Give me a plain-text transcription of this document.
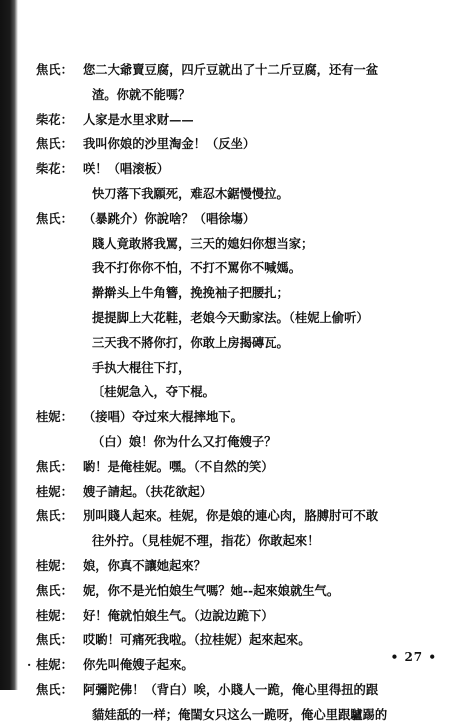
焦氏： 您二大爺賣豆腐，四斤豆就出了十二斤豆腐，还有一盆
渣。你就不能嗎？
柴花： 人家是水里求财——
焦氏： 我叫你娘的沙里淘金！（反坐）
柴花： 咲！（唱滚板）
快刀落下我願死，难忍木鋸慢慢拉。
焦氏： （暴跳介）你說啥？（唱徐塲）
賤人竟敢將我罵，三天的媳妇你想当家；
我不打你你不怕，不打不罵你不喊媽。
擀擀头上牛角簪，挽挽袖子把腰扎；
提提脚上大花鞋，老娘今天動家法。（桂妮上偷听）
三天我不將你打，你敢上房揭磚瓦。
手执大棍往下打，
〔桂妮急入，夺下棍。
桂妮： （接唱）夺过來大棍摔地下。
（白）娘！你为什么又打俺嫂子？
焦氏： 喲！是俺桂妮。嘿。（不自然的笑）
桂妮： 嫂子請起。（扶花欲起）
焦氏： 別叫賤人起來。桂妮，你是娘的連心肉，胳膊肘可不敢
往外拧。（見桂妮不理，指花）你敢起來！
桂妮： 娘，你真不讓她起來？
焦氏： 妮，你不是光怕娘生气嗎？她--起來娘就生气。
桂妮： 好！俺就怕娘生气。（边說边跪下）
焦氏： 哎喲！可痛死我啦。（拉桂妮）起來起來。
· 桂妮： 你先叫俺嫂子起來。
焦氏： 阿彌陀佛！（背白）唉，小賤人一跪，俺心里得扭的跟
貓娃舐的一样；俺閨女只这么一跪呀，俺心里跟驢踢的
• 27 •
